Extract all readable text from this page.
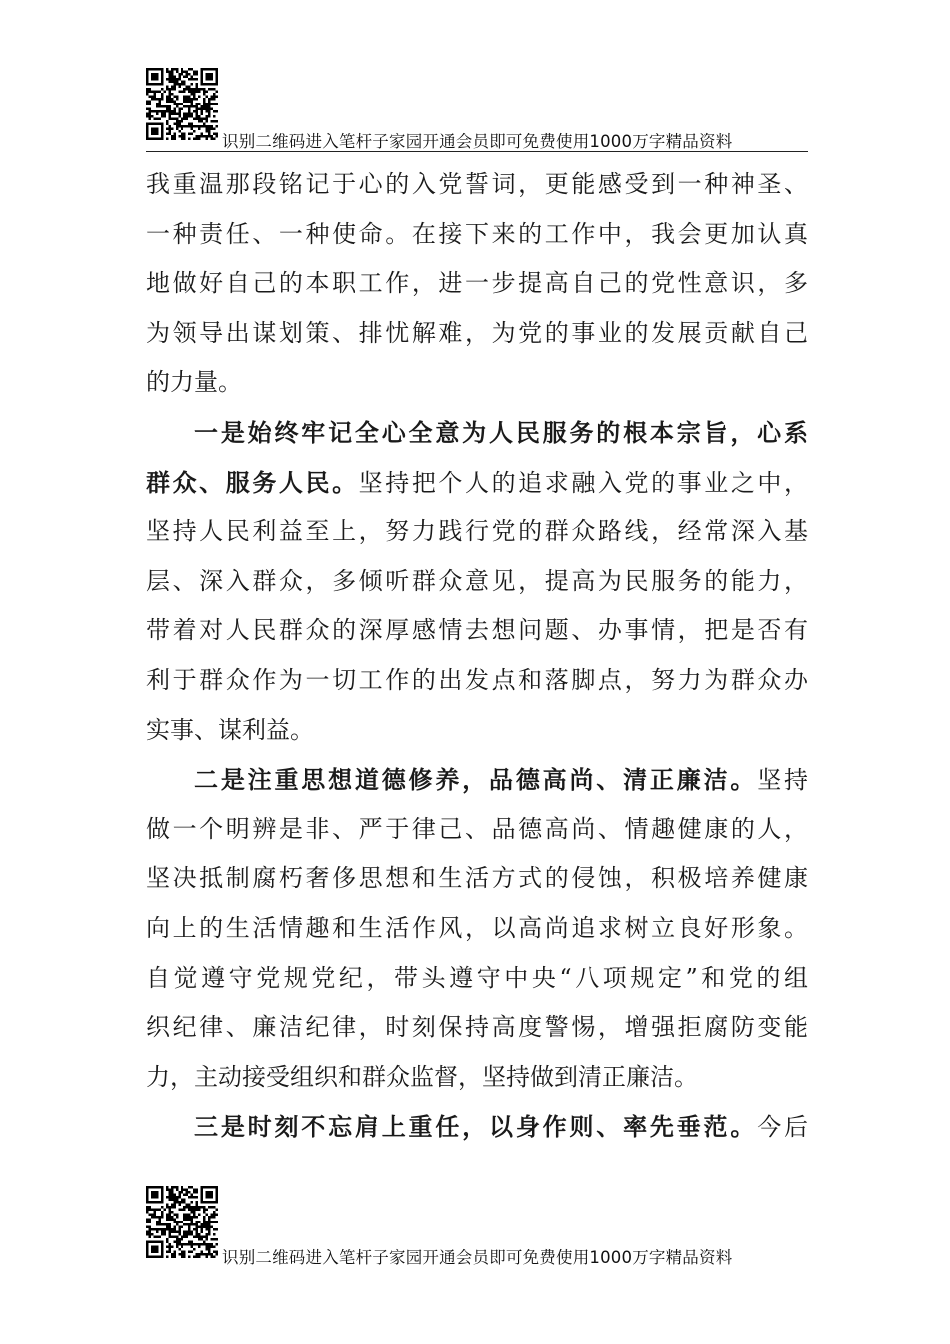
识别二维码进入笔杆子家园开通会员即可免费使用1000万字精品资料
我重温那段铭记于心的入党誓词，更能感受到一种神圣、
一种责任、一种使命。在接下来的工作中，我会更加认真
地做好自己的本职工作，进一步提高自己的党性意识，多
为领导出谋划策、排忧解难，为党的事业的发展贡献自己
的力量。
一是始终牢记全心全意为人民服务的根本宗旨，心系
群众、服务人民。坚持把个人的追求融入党的事业之中，
坚持人民利益至上，努力践行党的群众路线，经常深入基
层、深入群众，多倾听群众意见，提高为民服务的能力，
带着对人民群众的深厚感情去想问题、办事情，把是否有
利于群众作为一切工作的出发点和落脚点，努力为群众办
实事、谋利益。
二是注重思想道德修养，品德高尚、清正廉洁。坚持
做一个明辨是非、严于律己、品德高尚、情趣健康的人，
坚决抵制腐朽奢侈思想和生活方式的侵蚀，积极培养健康
向上的生活情趣和生活作风，以高尚追求树立良好形象。
自觉遵守党规党纪，带头遵守中央“八项规定”和党的组
织纪律、廉洁纪律，时刻保持高度警惕，增强拒腐防变能
力，主动接受组织和群众监督，坚持做到清正廉洁。
三是时刻不忘肩上重任，以身作则、率先垂范。今后
识别二维码进入笔杆子家园开通会员即可免费使用1000万字精品资料
